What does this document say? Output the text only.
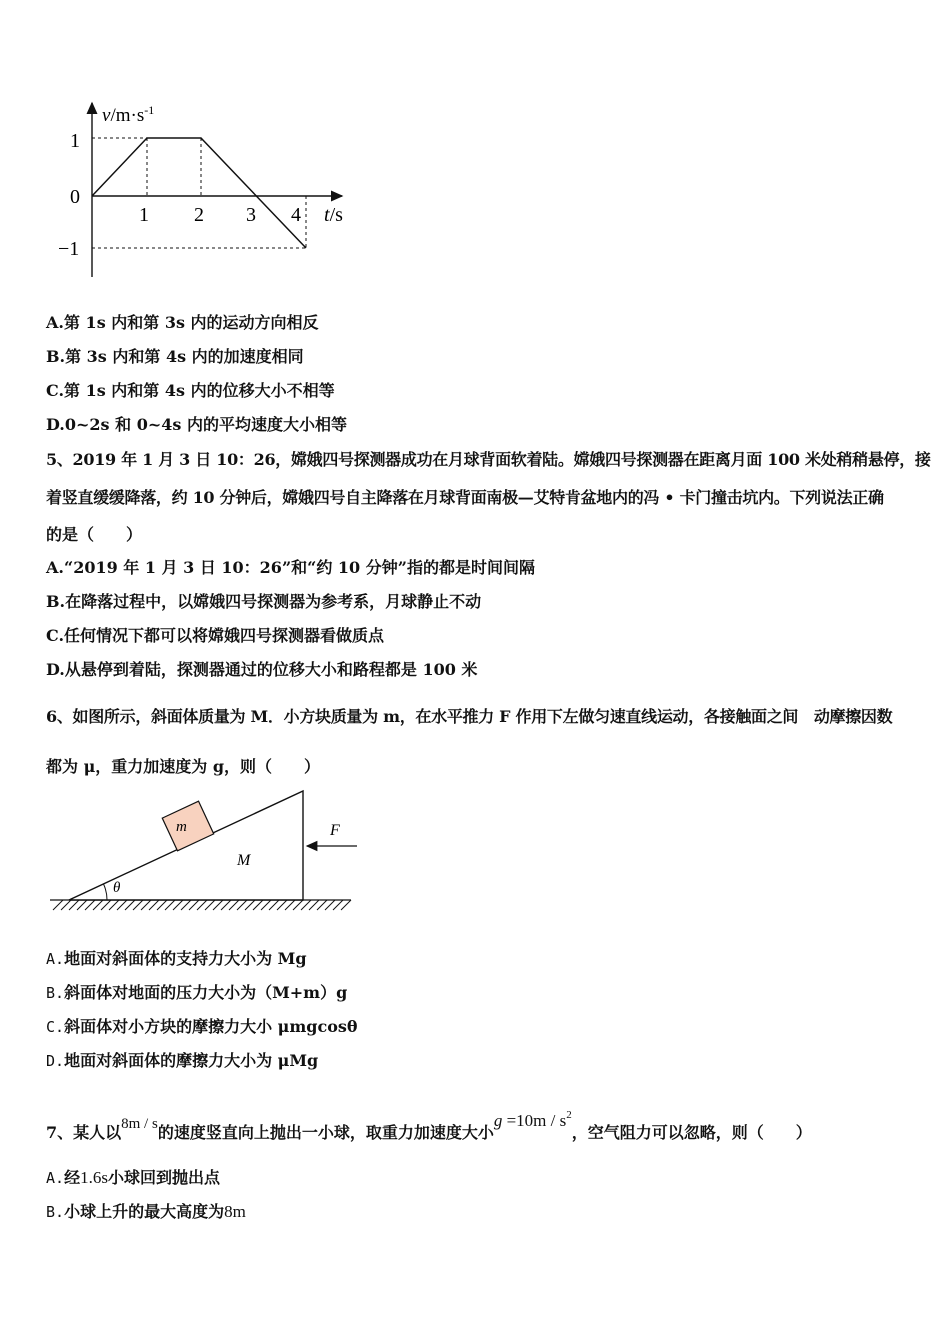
$v/m\cdot s^{-1}$
1
0
−1
1 2 3 4 t/s
A.第 1s 内和第 3s 内的运动方向相反
B.第 3s 内和第 4s 内的加速度相同
C.第 1s 内和第 4s 内的位移大小不相等
D.0~2s 和 0~4s 内的平均速度大小相等
5、2019 年 1 月 3 日 10：26，嫦娥四号探测器成功在月球背面软着陆。嫦娥四号探测器在距离月面 100 米处稍稍悬停，接
着竖直缓缓降落，约 10 分钟后，嫦娥四号自主降落在月球背面南极—艾特肯盆地内的冯 • 卡门撞击坑内。下列说法正确
的是（　　）
A.“2019 年 1 月 3 日 10：26”和“约 10 分钟”指的都是时间间隔
B.在降落过程中，以嫦娥四号探测器为参考系，月球静止不动
C.任何情况下都可以将嫦娥四号探测器看做质点
D.从悬停到着陆，探测器通过的位移大小和路程都是 100 米
6、如图所示，斜面体质量为 M．小方块质量为 m，在水平推力 F 作用下左做匀速直线运动，各接触面之间　动摩擦因数
都为 μ，重力加速度为 g，则（　　）
m
M
F
θ
A.地面对斜面体的支持力大小为 Mg
B.斜面体对地面的压力大小为（M+m）g
C.斜面体对小方块的摩擦力大小 μmgcosθ
D.地面对斜面体的摩擦力大小为 μMg
7、某人以8m / s的速度竖直向上抛出一小球，取重力加速度大小$g =10m / s^2$，空气阻力可以忽略，则（　　）
A.经1.6s小球回到抛出点
B.小球上升的最大高度为8m
